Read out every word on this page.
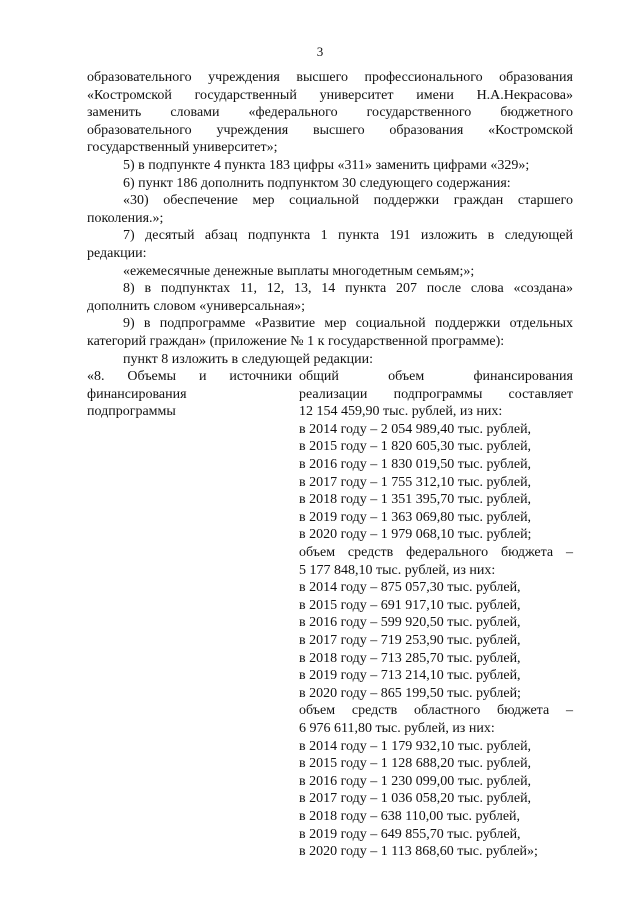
3
образовательного учреждения высшего профессионального образования
«Костромской государственный университет имени Н.А.Некрасова»
заменить словами «федерального государственного бюджетного
образовательного учреждения высшего образования «Костромской
государственный университет»;
5) в подпункте 4 пункта 183 цифры «311» заменить цифрами «329»;
6) пункт 186 дополнить подпунктом 30 следующего содержания:
«30) обеспечение мер социальной поддержки граждан старшего
поколения.»;
7) десятый абзац подпункта 1 пункта 191 изложить в следующей
редакции:
«ежемесячные денежные выплаты многодетным семьям;»;
8) в подпунктах 11, 12, 13, 14 пункта 207 после слова «создана»
дополнить словом «универсальная»;
9) в подпрограмме «Развитие мер социальной поддержки отдельных
категорий граждан» (приложение № 1 к государственной программе):
пункт 8 изложить в следующей редакции:
«8. Объемы и источники
финансирования
подпрограммы
общий объем финансирования
реализации подпрограммы составляет
12 154 459,90 тыс. рублей, из них:
в 2014 году – 2 054 989,40 тыс. рублей,
в 2015 году – 1 820 605,30 тыс. рублей,
в 2016 году – 1 830 019,50 тыс. рублей,
в 2017 году – 1 755 312,10 тыс. рублей,
в 2018 году – 1 351 395,70 тыс. рублей,
в 2019 году – 1 363 069,80 тыс. рублей,
в 2020 году – 1 979 068,10 тыс. рублей;
объем средств федерального бюджета –
5 177 848,10 тыс. рублей, из них:
в 2014 году – 875 057,30 тыс. рублей,
в 2015 году – 691 917,10 тыс. рублей,
в 2016 году – 599 920,50 тыс. рублей,
в 2017 году – 719 253,90 тыс. рублей,
в 2018 году – 713 285,70 тыс. рублей,
в 2019 году – 713 214,10 тыс. рублей,
в 2020 году – 865 199,50 тыс. рублей;
объем средств областного бюджета –
6 976 611,80 тыс. рублей, из них:
в 2014 году – 1 179 932,10 тыс. рублей,
в 2015 году – 1 128 688,20 тыс. рублей,
в 2016 году – 1 230 099,00 тыс. рублей,
в 2017 году – 1 036 058,20 тыс. рублей,
в 2018 году – 638 110,00 тыс. рублей,
в 2019 году – 649 855,70 тыс. рублей,
в 2020 году – 1 113 868,60 тыс. рублей»;
